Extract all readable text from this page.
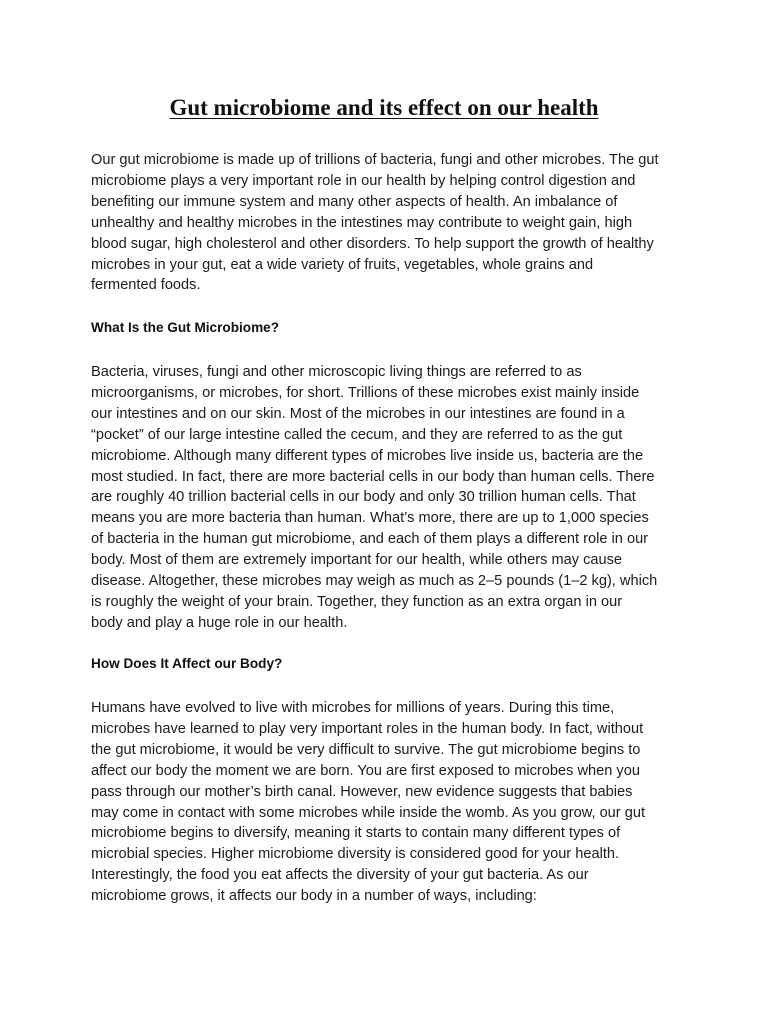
Gut microbiome and its effect on our health
Our gut microbiome is made up of trillions of bacteria, fungi and other microbes. The gut
microbiome plays a very important role in our health by helping control digestion and
benefiting our immune system and many other aspects of health. An imbalance of
unhealthy and healthy microbes in the intestines may contribute to weight gain, high
blood sugar, high cholesterol and other disorders. To help support the growth of healthy
microbes in your gut, eat a wide variety of fruits, vegetables, whole grains and
fermented foods.
What Is the Gut Microbiome?
Bacteria, viruses, fungi and other microscopic living things are referred to as
microorganisms, or microbes, for short. Trillions of these microbes exist mainly inside
our intestines and on our skin. Most of the microbes in our intestines are found in a
“pocket” of our large intestine called the cecum, and they are referred to as the gut
microbiome. Although many different types of microbes live inside us, bacteria are the
most studied. In fact, there are more bacterial cells in our body than human cells. There
are roughly 40 trillion bacterial cells in our body and only 30 trillion human cells. That
means you are more bacteria than human. What’s more, there are up to 1,000 species
of bacteria in the human gut microbiome, and each of them plays a different role in our
body. Most of them are extremely important for our health, while others may cause
disease. Altogether, these microbes may weigh as much as 2–5 pounds (1–2 kg), which
is roughly the weight of your brain. Together, they function as an extra organ in our
body and play a huge role in our health.
How Does It Affect our Body?
Humans have evolved to live with microbes for millions of years. During this time,
microbes have learned to play very important roles in the human body. In fact, without
the gut microbiome, it would be very difficult to survive. The gut microbiome begins to
affect our body the moment we are born. You are first exposed to microbes when you
pass through our mother’s birth canal. However, new evidence suggests that babies
may come in contact with some microbes while inside the womb. As you grow, our gut
microbiome begins to diversify, meaning it starts to contain many different types of
microbial species. Higher microbiome diversity is considered good for your health.
Interestingly, the food you eat affects the diversity of your gut bacteria. As our
microbiome grows, it affects our body in a number of ways, including:
